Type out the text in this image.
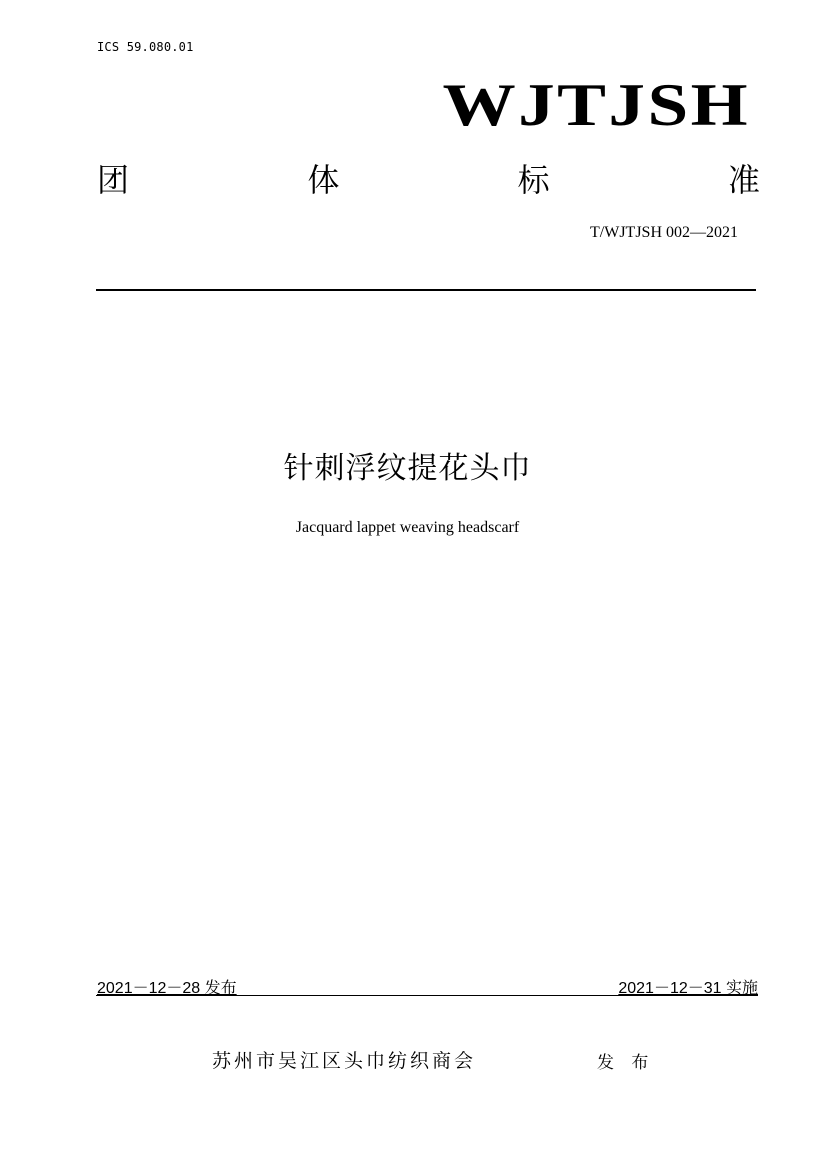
ICS 59.080.01
WJTJSH
团	体	标	准
T/WJTJSH 002—2021
针刺浮纹提花头巾
Jacquard lappet weaving headscarf
2021－12－28 发布	2021－12－31 实施
苏州市吴江区头巾纺织商会	发 布
